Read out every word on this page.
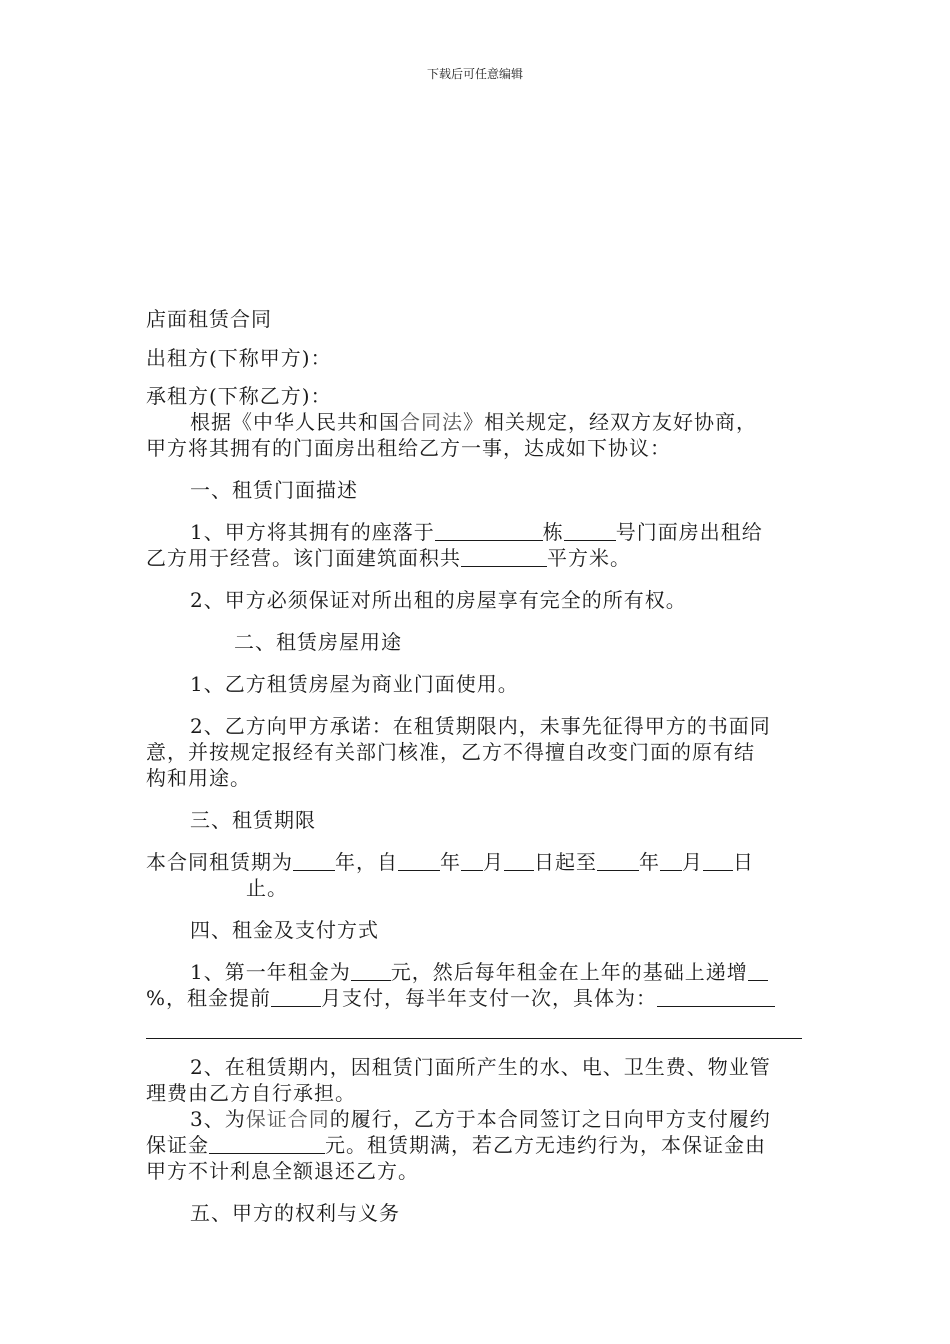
下载后可任意编辑

店面租赁合同

出租方(下称甲方)：

承租方(下称乙方)：

根据《中华人民共和国合同法》相关规定，经双方友好协商，

甲方将其拥有的门面房出租给乙方一事，达成如下协议：

一、租赁门面描述

1、甲方将其拥有的座落于	栋	号门面房出租给

乙方用于经营。该门面建筑面积共	平方米。

2、甲方必须保证对所出租的房屋享有完全的所有权。

二、租赁房屋用途

1、乙方租赁房屋为商业门面使用。

2、乙方向甲方承诺：在租赁期限内，未事先征得甲方的书面同

意，并按规定报经有关部门核准，乙方不得擅自改变门面的原有结

构和用途。

三、租赁期限

本合同租赁期为 年，自 年 月 日起至 年 月 日

止。

四、租金及支付方式

1、第一年租金为 元，然后每年租金在上年的基础上递增

%，租金提前	月支付，每半年支付一次，具体为：

2、在租赁期内，因租赁门面所产生的水、电、卫生费、物业管

理费由乙方自行承担。

3、为保证合同的履行，乙方于本合同签订之日向甲方支付履约

保证金	元。租赁期满，若乙方无违约行为，本保证金由

甲方不计利息全额退还乙方。

五、甲方的权利与义务
